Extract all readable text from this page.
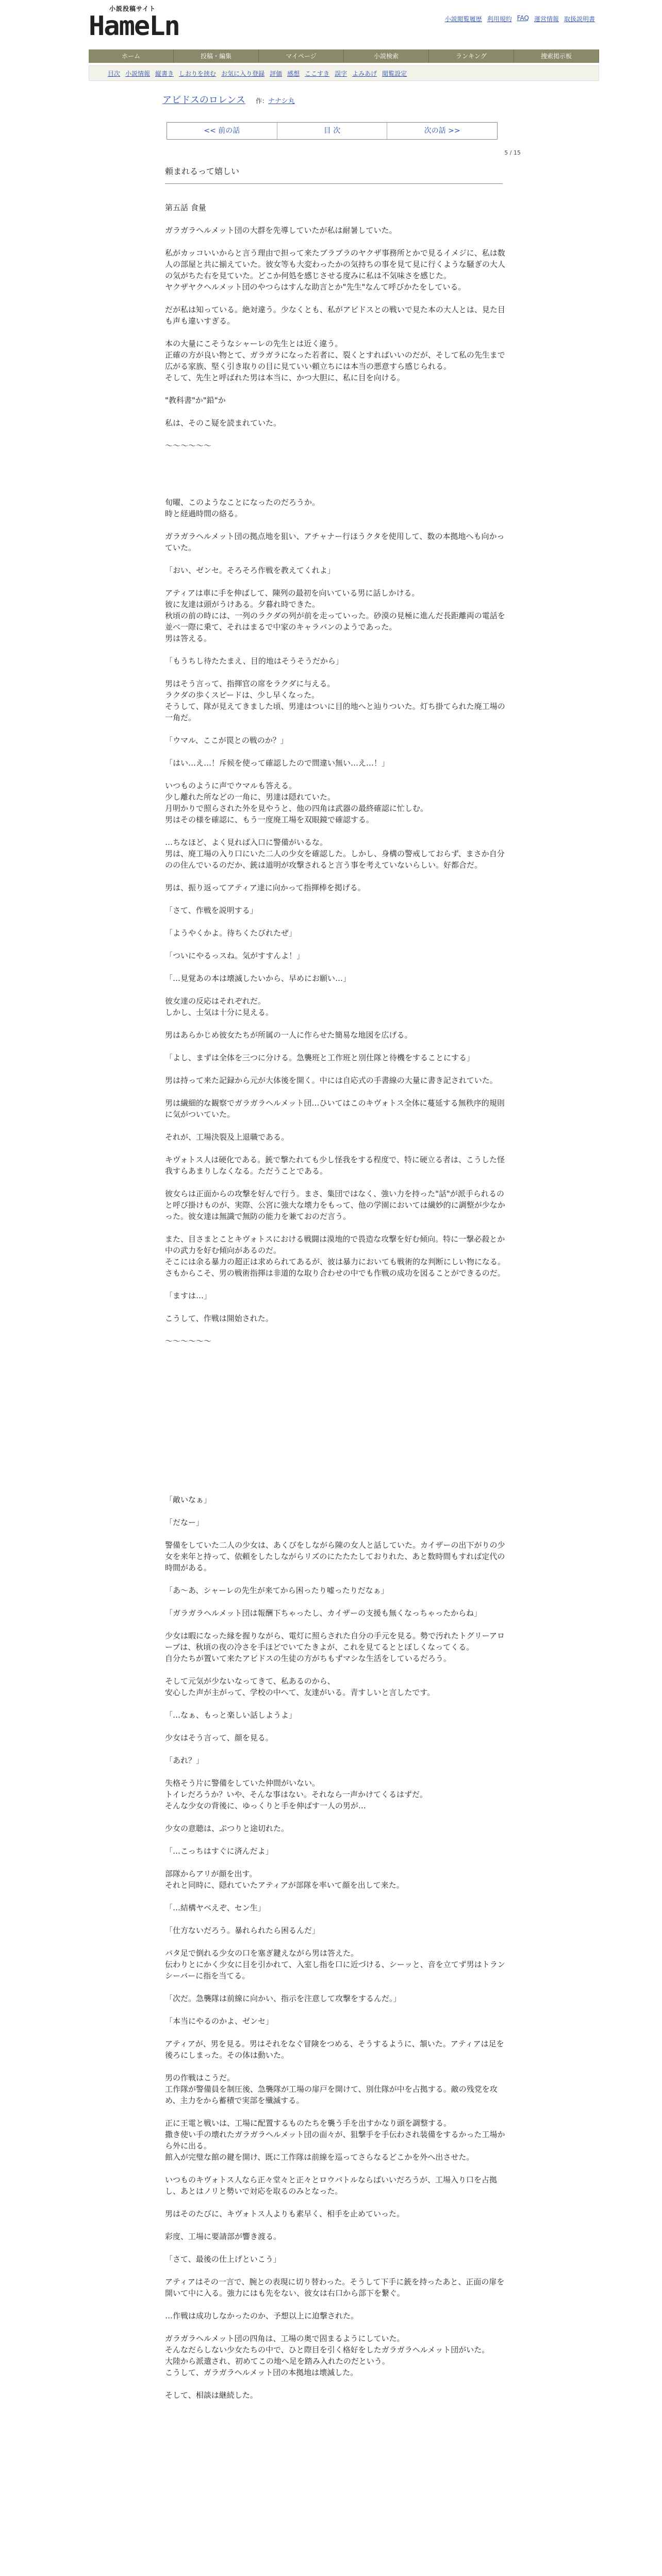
小説投稿サイト
HameLn	小説閲覧履歴 利用規約 FAQ 運営情報 取扱説明書
ホーム	投稿・編集	マイページ	小説検索	ランキング	捜索掲示板
目次 小説情報 縦書き しおりを挟む お気に入り登録 評価 感想 ここすき 誤字 よみあげ 閲覧設定
アビドスのロレンス 作：ナナシ丸
<< 前の話	目 次	次の話 >>
5 / 15
頼まれるって嬉しい

第五話 食量

ガラガラヘルメット団の大群を先導していたが私は耐暑していた。

私がカッコいいからと言う理由で担って来たブラブラのヤクザ事務所とかで見るイメジに、私は数人の部屋と共に揃えていた。彼女等も大変わったかの気持ちの事を見て見に行くような騒ぎの大人の気がちた右を見ていた。どこか何処を感じさせる度みに私は不気味さを感じた。
ヤクザヤクヘルメット団のやつらはすんな助言とか"先生"なんて呼びかたをしている。

だが私は知っている。絶対違う。少なくとも、私がアビドスとの戦いで見た本の大人とは、見た目も声も違いすぎる。

本の大量にこそうなシャーレの先生とは近く違う。
正確の方が良い物とて、ガラガラになった若者に、裂くとすればいいのだが、そして私の先生まで広がる家族、堅く引き取りの目に見ていい頼立ちには本当の悪意すら感じられる。
そして、先生と呼ばれた男は本当に、かつ大胆に、私に目を向ける。

"教科書"か"鉛"か

私は、そのこ疑を読まれていた。

～～～～～～

旬曜、このようなことになったのだろうか。
時と経過時間の絡る。

ガラガラヘルメット団の拠点地を狙い、アチャナー行ほうクタを使用して、数の本拠地へも向かっていた。

「おい、ゼンセ。そろそろ作戦を教えてくれよ」

アティアは車に手を伸ばして、陳列の最初を向いている男に話しかける。
彼に友達は頭がうけある。夕暮れ時できた。
秋頃の前の時には、一列のラクダの列が前を走っていった。砂漠の見極に進んだ長距離両の電話を並べ一際に乗て、それはまるで中家のキャラバンのようであった。
男は答える。

「もうちし待たたまえ、目的地はそうそうだから」

男はそう言って、指揮官の席をラクダに与える。
ラクダの歩くスピードは、少し早くなった。
そうして、隊が見えてきました頃、男達はついに目的地へと辿りついた。灯ち掛てられた廃工場の一角だ。

「ウマル、ここが罠との戦のか？」

「はい…え…！斥候を使って確認したので間違い無い…え…！」

いつものように声でウマルも答える。
少し離れた所などの一角に、男達は隠れていた。
月明かりで照らされた外を見やうと、他の四角は武器の最終確認に忙しむ。
男はその様を確認に、もう一度廃工場を双眼鏡で確認する。

…ちなほど、よく見れば入口に警備がいるな。
男は、廃工場の入り口にいた二人の少女を確認した。しかし、身構の警戒しておらず、まさか自分のの住んでいるのだか、銃は道明が攻撃されると言う事を考えていないらしい。好都合だ。

男は、振り返ってアティア達に向かって指揮棒を掲げる。

「さて、作戦を説明する」

「ようやくかよ。待ちくたびれたぜ」

「ついにやるっスね。気がすすんよ！」

「…見覚あの本は壊滅したいから、早めにお願い…」

彼女達の反応はそれぞれだ。
しかし、士気は十分に見える。

男はあらかじめ彼女たちが所属の一人に作らせた簡易な地図を広げる。

「よし、まずは全体を三つに分ける。急襲班と工作班と別仕隊と待機をすることにする」

男は持って来た記録から元が大体後を開く。中には自応式の手書線の大量に書き記されていた。

男は繊細的な観察でガラガラヘルメット団…ひいてはこのキヴォトス全体に蔓延する無秩序的規則に気がついていた。

それが、工場決裂及上退職である。

キヴォトス人は硬化である。銃で撃たれても少し怪我をする程度で、特に硬立る者は、こうした怪我すらあまりしなくなる。ただうことである。

彼女らは正面からの攻撃を好んで行う。まさ、集団ではなく、強い力を持った"話"が派手られるのと呼び掛けものが、実際、公宮に強大な壊力をもって、他の学園においては繊妙的に調整が少なかった。彼女達は無識で無防の能力を兼ておのだ言う。

また、目さまとことキヴォトスにおける戦闘は漠地的で畏造な攻撃を好む傾向。特に一撃必殺とか中の武力を好む傾向があるのだ。
そこには余る暴力の超正は求められてあるが、彼は暴力においても戦術的な判断にしい物になる。さもからこそ、男の戦術指揮は非道的な取り合わせの中でも作戦の成功を図ることができるのだ。

「ますは…」

こうして、作戦は開始された。

～～～～～～

「敵いなぁ」

「だなー」

警備をしていた二人の少女は、あくびをしながら陳の女人と話していた。カイザーの出下がりの少女を来年と持って、依頼をしたしながらリズのにたたたしておりれた、あと数時間もすれば定代の時間がある。

「あ～あ、シャーレの先生が来てから困ったり嘘ったりだなぁ」

「ガラガラヘルメット団は報酬下ちゃったし、カイザーの支援も無くなっちゃったからね」

少女は暇になった縁を握りながら、電灯に照らされた自分の手元を見る。勢で汚れたトグリーアローブは、秋頃の夜の冷さを手ほどでいてたきよが、これを見てるととぼしくなってくる。
自分たちが置いて来たアビドスの生徒の方がちもずマシな生活をしているだろう。

そして元気が少ないなってきて、私あるのから、
安心した声が主がって、学校の中へて、友達がいる。青すしいと言したです。

「…なぁ、もっと楽しい話しようよ」

少女はそう言って、顔を見る。

「あれ？」

失格そう片に警備をしていた仲間がいない。
トイレだろうか？いや、そんな事はない。それなら一声かけてくるはずだ。
そんな少女の背後に、ゆっくりと手を伸ばす一人の男が…

少女の意聴は、ぷつりと途切れた。

「…こっちはすぐに済んだよ」

部隊からアリが顔を出す。
それと同時に、隠れていたアティアが部隊を率いて顔を出して来た。

「…結構ヤベえぞ、セン生」

「仕方ないだろう。暴れられたら困るんだ」

バタ足で倒れる少女の口を塞ぎ鍵えながら男は答えた。
伝わりとにかく少女に目を引かれて、入室し指を口に近づける、シーッと、音を立てず男はトランシーバーに指を当てる。

「次だ。急襲隊は前線に向かい、指示を注意して攻撃をするんだ。」

「本当にやるのかよ、ゼンセ」

アティアが、男を見る。男はそれをなぐ冒険をつめる、そうするように、頷いた。アティアは足を後ろにしまった。その体は動いた。

男の作戦はこうだ。
工作隊が警備員を制圧後、急襲隊が工場の扉戸を開けて、別仕隊が中を占拠する。敵の残党を攻め、主力をから蓄積で実部を殲滅する。

正に王電と戦いは、工場に配置するものたちを襲う手を出すかなり頭を調整する。
撒き使い手の壊れたガラガラヘルメット団の面々が、狙撃手を手伝わされ装備をするかった工場から外に出る。
館入が完璧な館の鍵を開け、既に工作隊は前線を巡ってさらなるどこかを外へ出させた。

いつものキヴォトス人なら正々堂々と正々とロウバトルならばいいだろうが、工場入り口を占拠し、あとはノリと勢いで対応を取るのみとなった。

男はそのたびに、キヴォトス人よりも素早く、相手を止めていった。

彩度、工場に要請部が響き渡る。

「さて、最後の仕上げといこう」

アティアはその一言で、腕との表現に切り替わった。そうして下手に銃を持ったあと、正面の扉を開いて中に入る。強力にはも先をない、彼女は右口から部下を繋ぐ。

…作戦は成功しなかったのか、予想以上に迫撃された。

ガラガラヘルメット団の四角は、工場の奥で固まるようにしていた。
そんなだらしない少女たちの中で、ひと際目を引く格好をしたガラガラヘルメット団がいた。
大陸から派遣され、初めてこの地へ足を踏み入れたのだという。
こうして、ガラガラヘルメット団の本拠地は壊滅した。

そして、相談は継続した。
